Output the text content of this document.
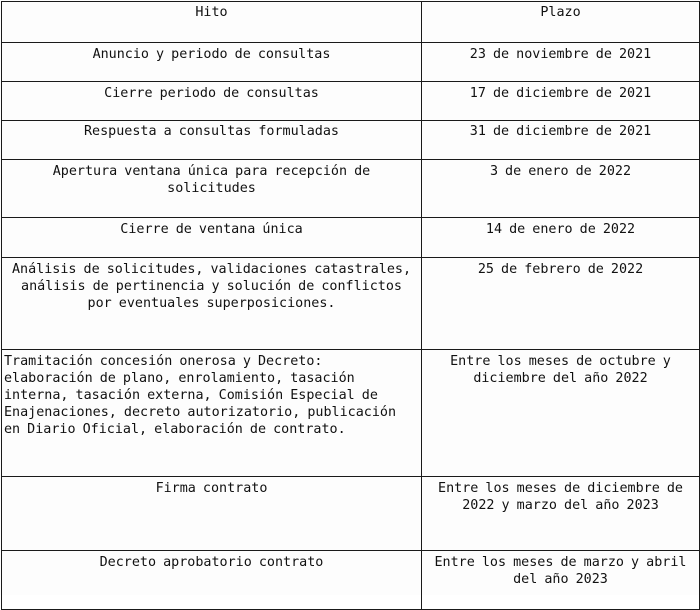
Hito	Plazo
Anuncio y periodo de consultas	23 de noviembre de 2021
Cierre periodo de consultas	17 de diciembre de 2021
Respuesta a consultas formuladas	31 de diciembre de 2021
Apertura ventana única para recepción de solicitudes	3 de enero de 2022
Cierre de ventana única	14 de enero de 2022
Análisis de solicitudes, validaciones catastrales, análisis de pertinencia y solución de conflictos por eventuales superposiciones.	25 de febrero de 2022
Tramitación concesión onerosa y Decreto: elaboración de plano, enrolamiento, tasación interna, tasación externa, Comisión Especial de Enajenaciones, decreto autorizatorio, publicación en Diario Oficial, elaboración de contrato.	Entre los meses de octubre y diciembre del año 2022
Firma contrato	Entre los meses de diciembre de 2022 y marzo del año 2023
Decreto aprobatorio contrato	Entre los meses de marzo y abril del año 2023
